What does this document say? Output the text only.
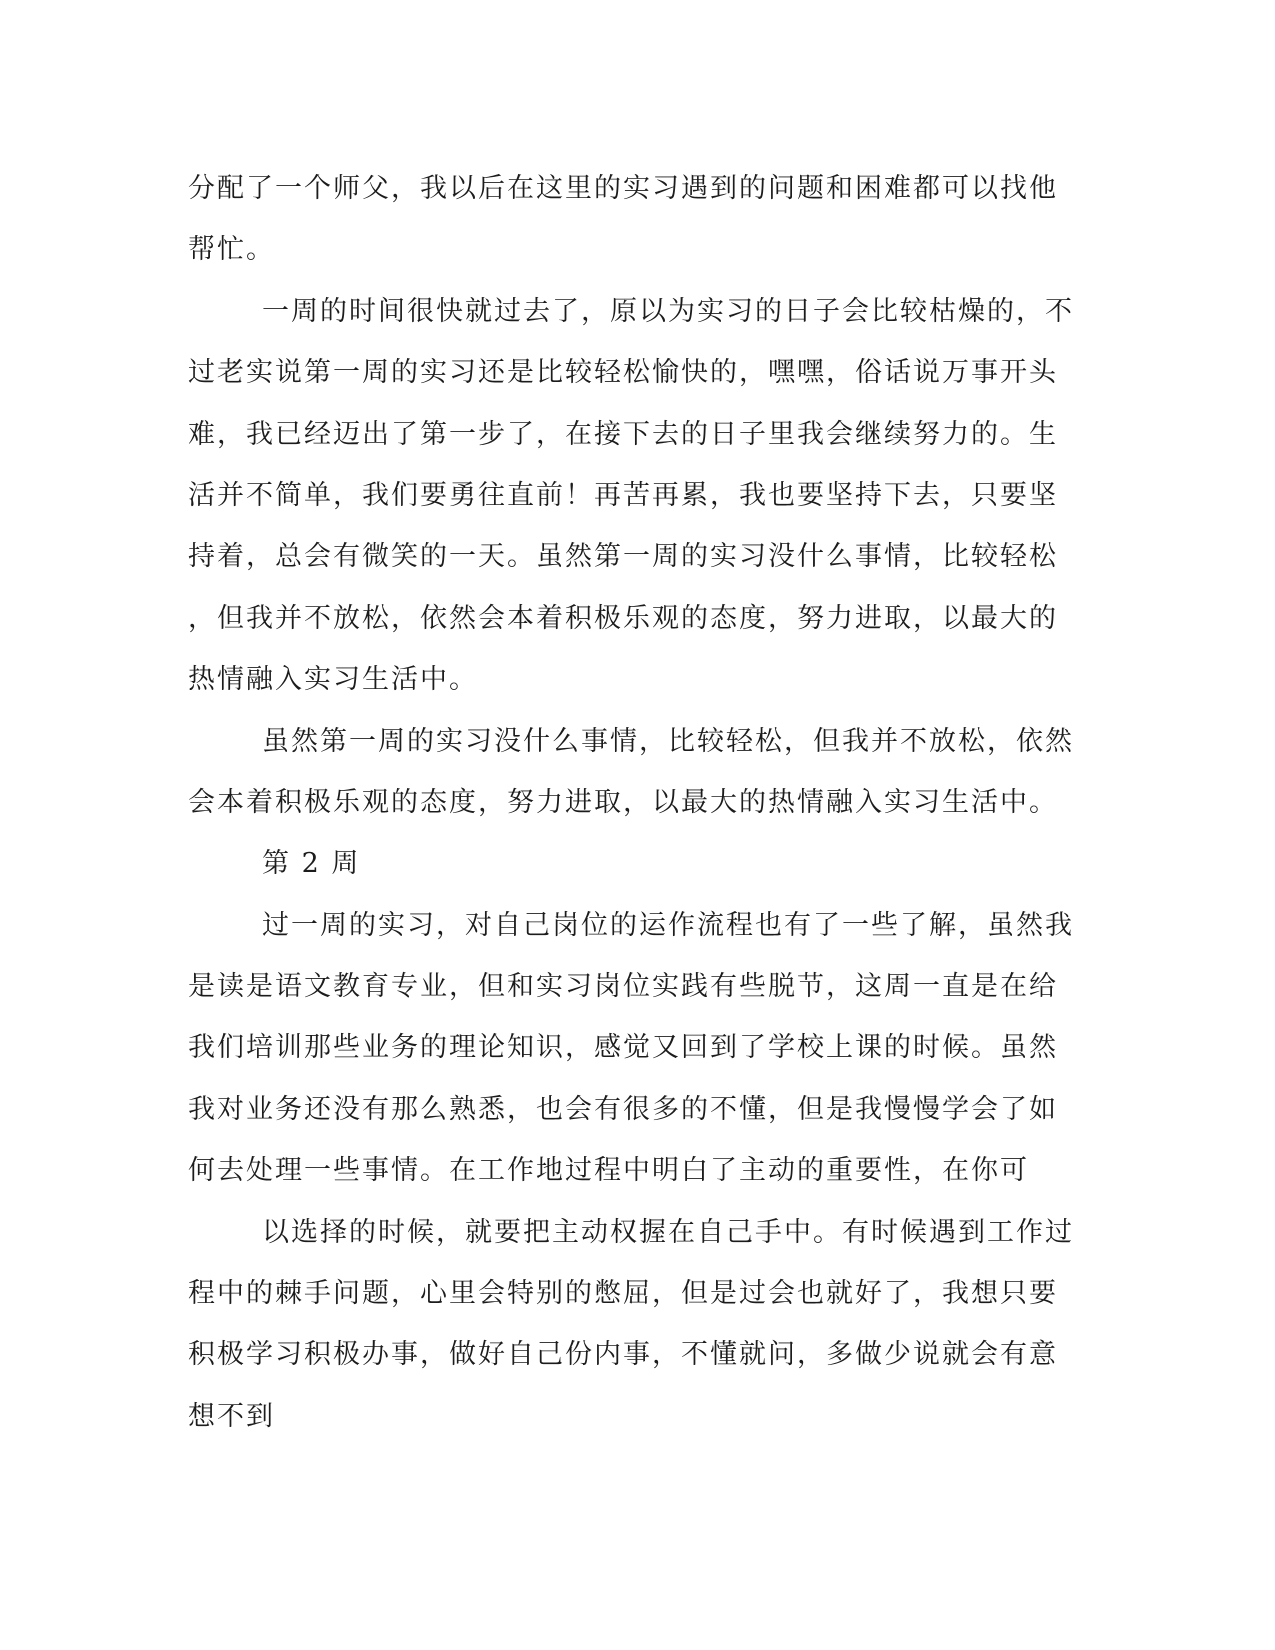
分配了一个师父，我以后在这里的实习遇到的问题和困难都可以找他
帮忙。
一周的时间很快就过去了，原以为实习的日子会比较枯燥的，不
过老实说第一周的实习还是比较轻松愉快的，嘿嘿，俗话说万事开头
难，我已经迈出了第一步了，在接下去的日子里我会继续努力的。生
活并不简单，我们要勇往直前！再苦再累，我也要坚持下去，只要坚
持着，总会有微笑的一天。虽然第一周的实习没什么事情，比较轻松
，但我并不放松，依然会本着积极乐观的态度，努力进取，以最大的
热情融入实习生活中。
虽然第一周的实习没什么事情，比较轻松，但我并不放松，依然
会本着积极乐观的态度，努力进取，以最大的热情融入实习生活中。
第 2 周
过一周的实习，对自己岗位的运作流程也有了一些了解，虽然我
是读是语文教育专业，但和实习岗位实践有些脱节，这周一直是在给
我们培训那些业务的理论知识，感觉又回到了学校上课的时候。虽然
我对业务还没有那么熟悉，也会有很多的不懂，但是我慢慢学会了如
何去处理一些事情。在工作地过程中明白了主动的重要性，在你可
以选择的时候，就要把主动权握在自己手中。有时候遇到工作过
程中的棘手问题，心里会特别的憋屈，但是过会也就好了，我想只要
积极学习积极办事，做好自己份内事，不懂就问，多做少说就会有意
想不到
